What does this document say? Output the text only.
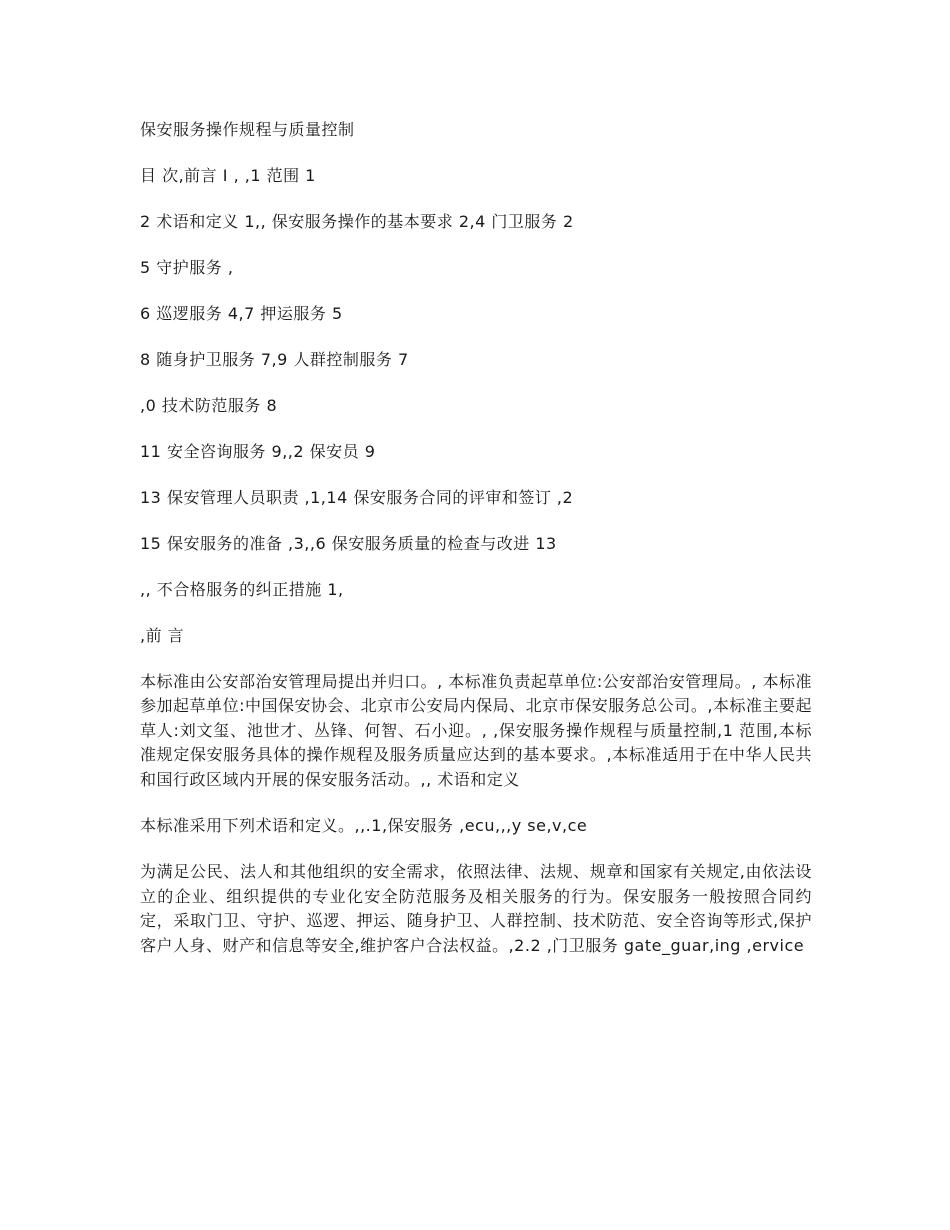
保安服务操作规程与质量控制
目 次,前言 I , ,1 范围 1
2 术语和定义 1,, 保安服务操作的基本要求 2,4 门卫服务 2
5 守护服务 ,
6 巡逻服务 4,7 押运服务 5
8 随身护卫服务 7,9 人群控制服务 7
,0 技术防范服务 8
11 安全咨询服务 9,,2 保安员 9
13 保安管理人员职责 ,1,14 保安服务合同的评审和签订 ,2
15 保安服务的准备 ,3,,6 保安服务质量的检查与改进 13
,, 不合格服务的纠正措施 1,
,前 言
本标准由公安部治安管理局提出并归口。, 本标准负责起草单位:公安部治安管理局。, 本标准参加起草单位:中国保安协会、北京市公安局内保局、北京市保安服务总公司。,本标准主要起草人:刘文玺、池世才、丛锋、何智、石小迎。, ,保安服务操作规程与质量控制,1 范围,本标准规定保安服务具体的操作规程及服务质量应达到的基本要求。,本标准适用于在中华人民共和国行政区域内开展的保安服务活动。,, 术语和定义
本标准采用下列术语和定义。,,.1,保安服务 ,ecu,,,y se,v,ce
为满足公民、法人和其他组织的安全需求，依照法律、法规、规章和国家有关规定,由依法设立的企业、组织提供的专业化安全防范服务及相关服务的行为。保安服务一般按照合同约定，采取门卫、守护、巡逻、押运、随身护卫、人群控制、技术防范、安全咨询等形式,保护客户人身、财产和信息等安全,维护客户合法权益。,2.2 ,门卫服务 gate_guar,ing ,ervice
